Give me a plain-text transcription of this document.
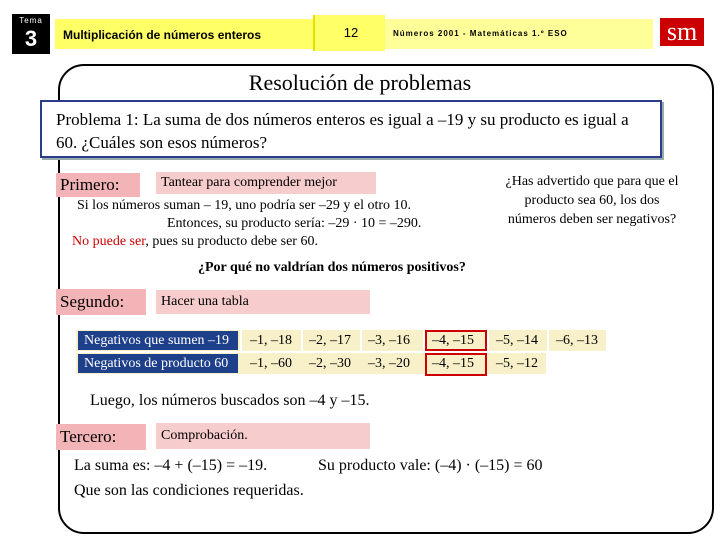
Tema
3	Multiplicación de números enteros	12	Números 2001 - Matemáticas 1.º ESO	sm
Resolución de problemas
Problema 1: La suma de dos números enteros es igual a –19 y su producto es igual a 60. ¿Cuáles son esos números?
Primero:	Tantear para comprender mejor
Si los números suman – 19, uno podría ser –29 y el otro 10.
Entonces, su producto sería: –29 · 10 = –290.
No puede ser, pues su producto debe ser 60.
¿Has advertido que para que el producto sea 60, los dos números deben ser negativos?
¿Por qué no valdrían dos números positivos?
Segundo:	Hacer una tabla
Negativos que sumen –19	–1, –18	–2, –17	–3, –16	–4, –15	–5, –14	–6, –13
Negativos de producto 60	–1, –60	–2, –30	–3, –20	–4, –15	–5, –12
Luego, los números buscados son –4 y –15.
Tercero:	Comprobación.
La suma es: –4 + (–15) = –19.	Su producto vale: (–4) · (–15) = 60
Que son las condiciones requeridas.
